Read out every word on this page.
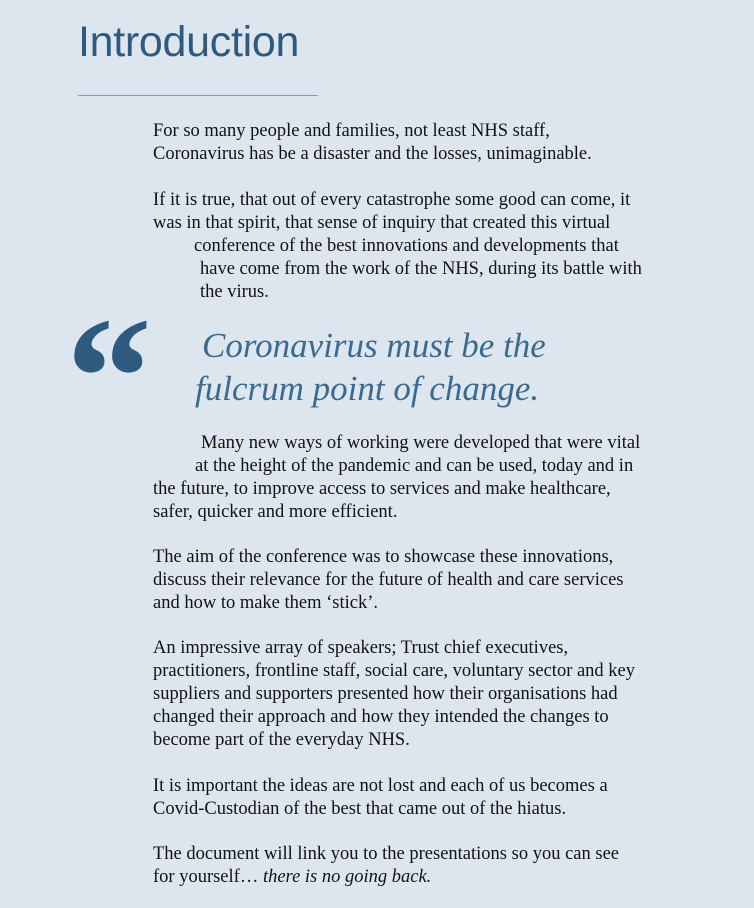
Introduction

For so many people and families, not least NHS staff,
Coronavirus has be a disaster and the losses, unimaginable.

If it is true, that out of every catastrophe some good can come, it
was in that spirit, that sense of inquiry that created this virtual
conference of the best innovations and developments that
have come from the work of the NHS, during its battle with
the virus.

“ Coronavirus must be the
fulcrum point of change.

Many new ways of working were developed that were vital
at the height of the pandemic and can be used, today and in
the future, to improve access to services and make healthcare,
safer, quicker and more efficient.

The aim of the conference was to showcase these innovations,
discuss their relevance for the future of health and care services
and how to make them ‘stick’.

An impressive array of speakers; Trust chief executives,
practitioners, frontline staff, social care, voluntary sector and key
suppliers and supporters presented how their organisations had
changed their approach and how they intended the changes to
become part of the everyday NHS.

It is important the ideas are not lost and each of us becomes a
Covid-Custodian of the best that came out of the hiatus.

The document will link you to the presentations so you can see
for yourself… there is no going back.
